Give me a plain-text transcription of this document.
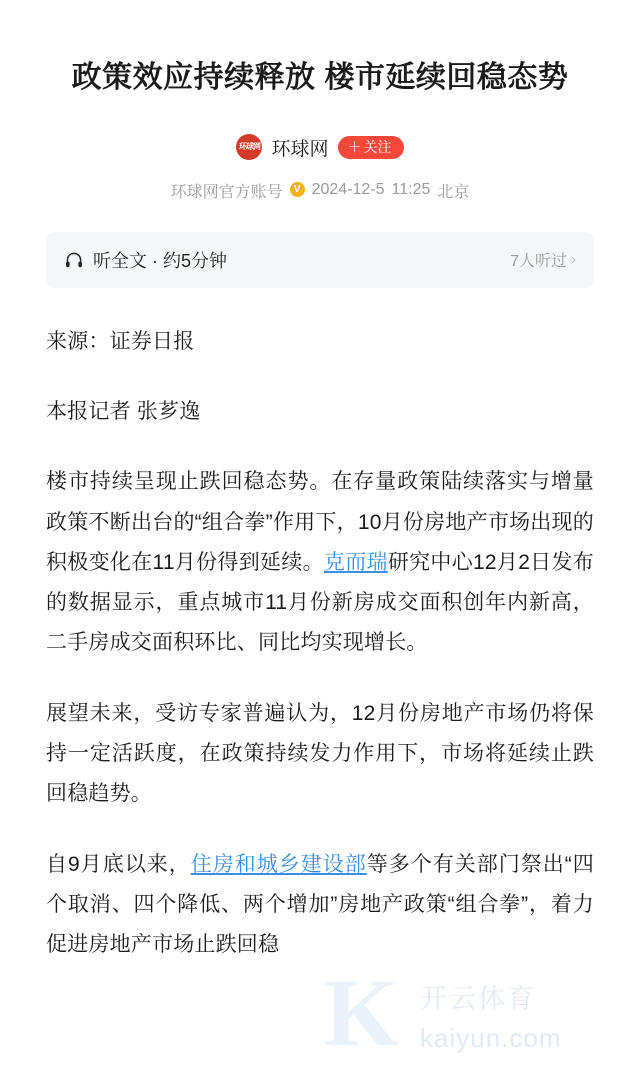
政策效应持续释放 楼市延续回稳态势
环球网 环球网 ＋ 关注
环球网官方账号	V 2024-12-5 11:25 北京
听全文 · 约5分钟	7人听过 ›

来源：证券日报

本报记者 张芗逸

楼市持续呈现止跌回稳态势。在存量政策陆续落实与增量政策不断出台的“组合拳”作用下，10月份房地产市场出现的积极变化在11月份得到延续。克而瑞研究中心12月2日发布的数据显示，重点城市11月份新房成交面积创年内新高，二手房成交面积环比、同比均实现增长。

展望未来，受访专家普遍认为，12月份房地产市场仍将保持一定活跃度，在政策持续发力作用下，市场将延续止跌回稳趋势。

自9月底以来，住房和城乡建设部等多个有关部门祭出“四个取消、四个降低、两个增加”房地产政策“组合拳”，着力促进房地产市场止跌回稳

K 开云体育
kaiyun.com
